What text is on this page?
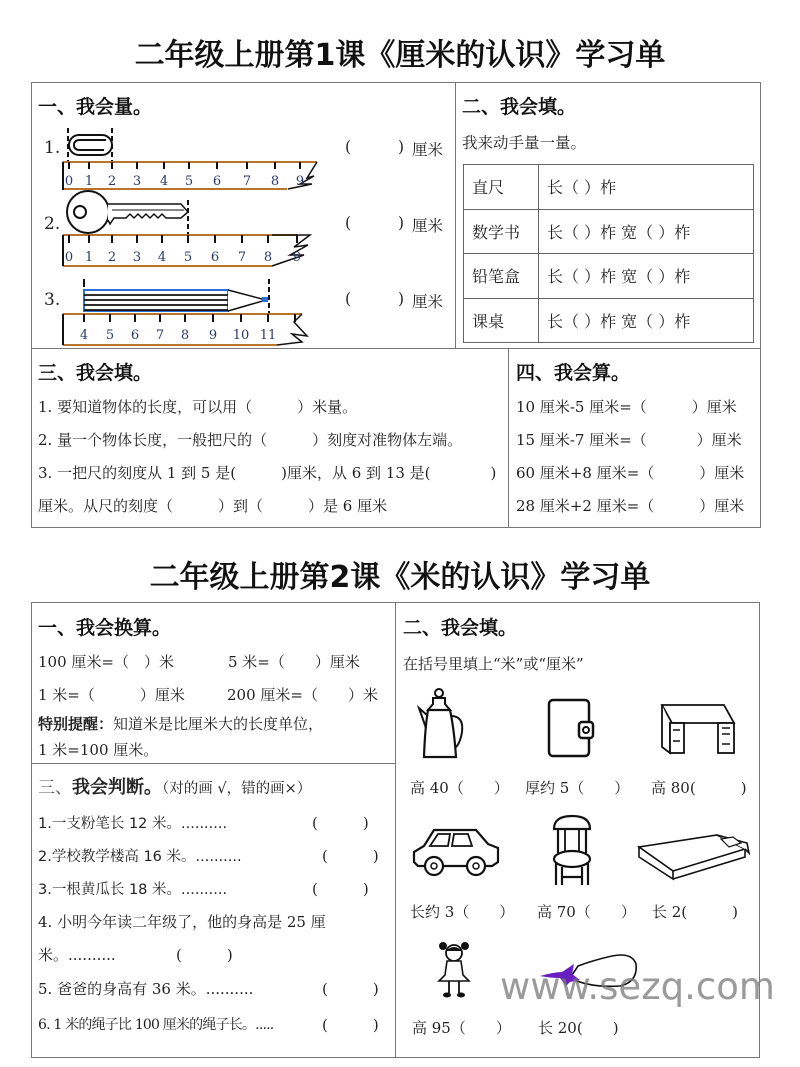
二年级上册第1课《厘米的认识》学习单
一、我会量。
1.
0 1 2 3 4 5 6 7 8 9
(	) 厘米
2.
0 1 2 3 4 5 6 7 8 9
(	) 厘米
3.
4 5 6 7 8 9 10 11
(	) 厘米
二、我会填。
我来动手量一量。
直尺	长（ ）柞
数学书	长（ ）柞 宽（ ）柞
铅笔盒	长（ ）柞 宽（ ）柞
课桌	长（ ）柞 宽（ ）柞
三、我会填。
1. 要知道物体的长度，可以用（　　　）米量。
2. 量一个物体长度，一般把尺的（　　　）刻度对准物体左端。
3. 一把尺的刻度从 1 到 5 是(　　　)厘米，从 6 到 13 是(　　　　)
厘米。从尺的刻度（　　　）到（　　　）是 6 厘米
四、我会算。
10 厘米-5 厘米=（　　　）厘米
15 厘米-7 厘米=（　　　 ）厘米
60 厘米+8 厘米=（　　　）厘米
28 厘米+2 厘米=（　　　）厘米
二年级上册第2课《米的认识》学习单
一、我会换算。
100 厘米=（　）米	5 米=（　　）厘米
1 米=（　　　）厘米	200 厘米=（　　）米
特别提醒：知道米是比厘米大的长度单位，
1 米=100 厘米。
三、我会判断。（对的画 √，错的画×）
1.一支粉笔长 12 米。..........	(　　　)
2.学校教学楼高 16 米。..........	(　　　)
3.一根黄瓜长 18 米。..........	(　　　)
4. 小明今年读二年级了，他的身高是 25 厘
米。..........	(　　　)
5. 爸爸的身高有 36 米。..........	(　　　)
6. 1 米的绳子比 100 厘米的绳子长。.....	(　　　)
二、我会填。
在括号里填上“米”或“厘米”
高 40（　　） 厚约 5（　　） 高 80(　　　)
长约 3（　　） 高 70（　　） 长 2(　　　)
高 95（　　） 长 20(　　)
www.sezq.com
